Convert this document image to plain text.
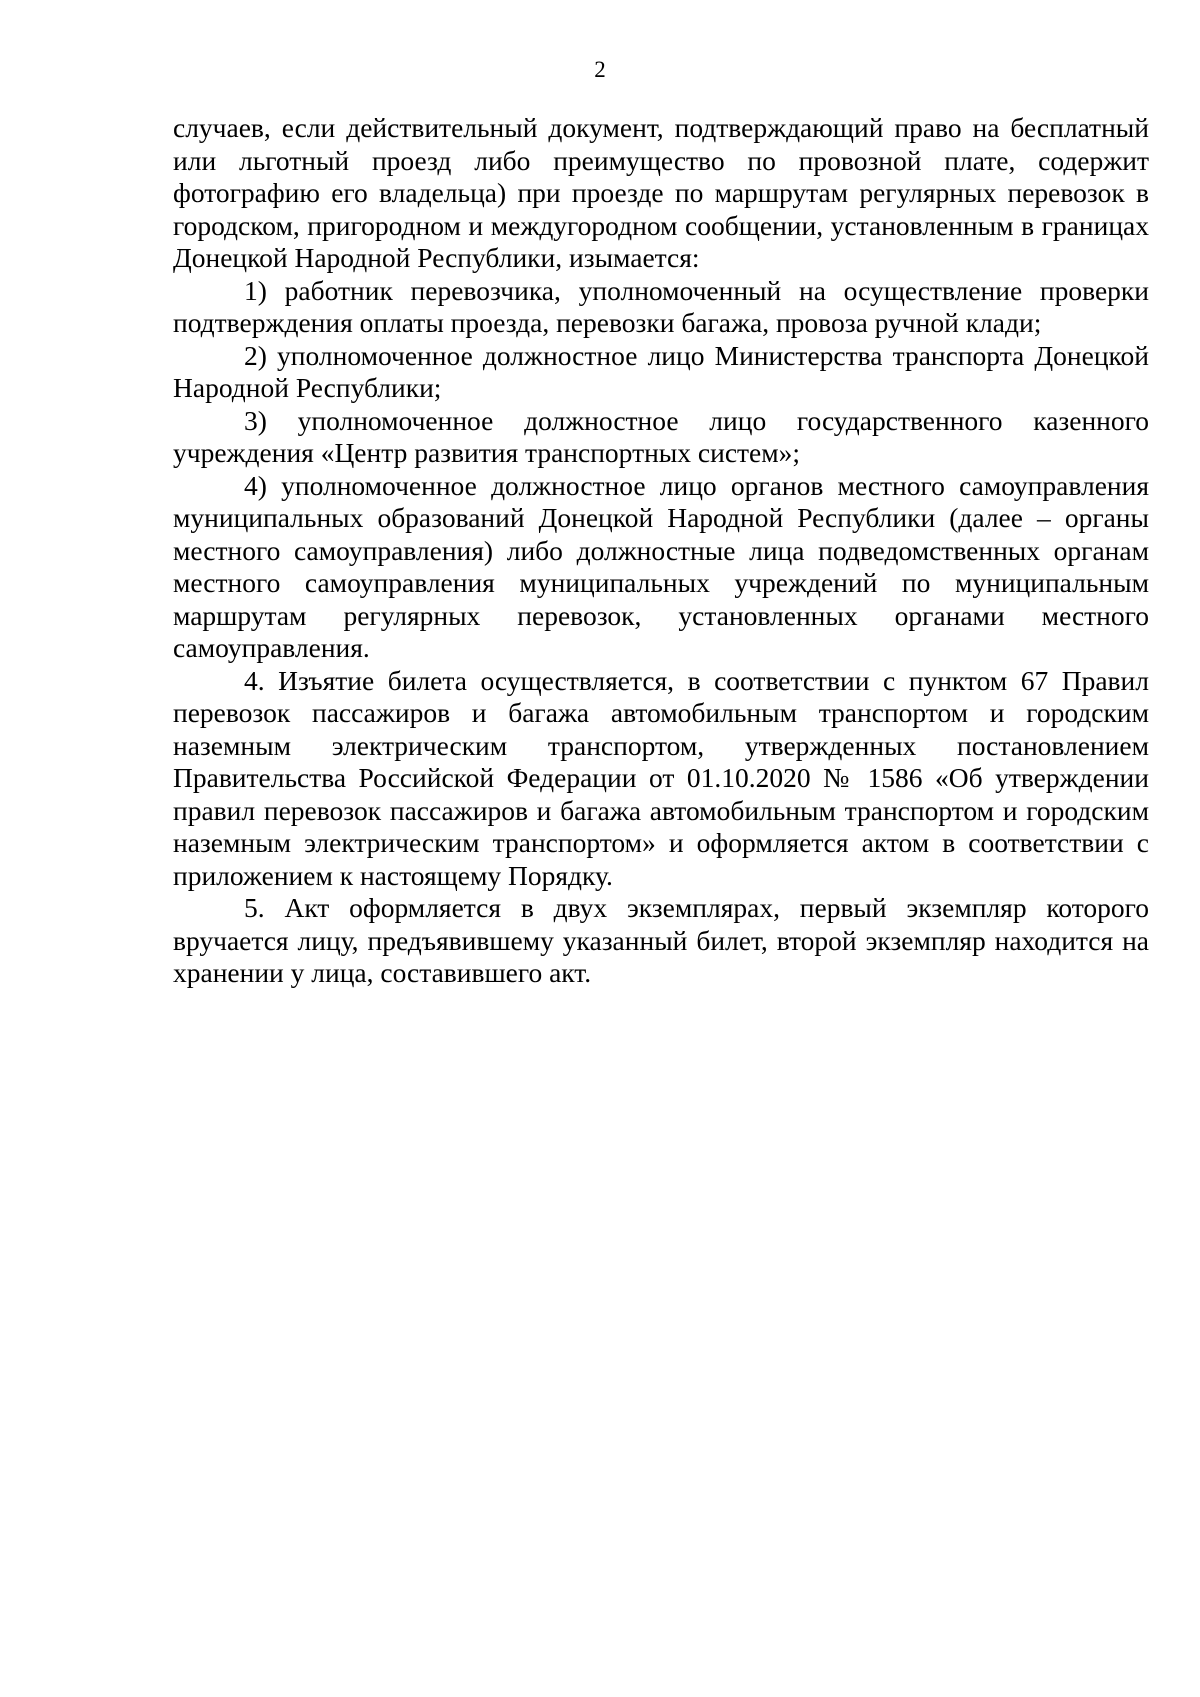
2

случаев, если действительный документ, подтверждающий право на бесплатный или льготный проезд либо преимущество по провозной плате, содержит фотографию его владельца) при проезде по маршрутам регулярных перевозок в городском, пригородном и междугородном сообщении, установленным в границах Донецкой Народной Республики, изымается:

1) работник перевозчика, уполномоченный на осуществление проверки подтверждения оплаты проезда, перевозки багажа, провоза ручной клади;

2) уполномоченное должностное лицо Министерства транспорта Донецкой Народной Республики;

3) уполномоченное должностное лицо государственного казенного учреждения «Центр развития транспортных систем»;

4) уполномоченное должностное лицо органов местного самоуправления муниципальных образований Донецкой Народной Республики (далее – органы местного самоуправления) либо должностные лица подведомственных органам местного самоуправления муниципальных учреждений по муниципальным маршрутам регулярных перевозок, установленных органами местного самоуправления.

4. Изъятие билета осуществляется, в соответствии с пунктом 67 Правил перевозок пассажиров и багажа автомобильным транспортом и городским наземным электрическим транспортом, утвержденных постановлением Правительства Российской Федерации от 01.10.2020 № 1586 «Об утверждении правил перевозок пассажиров и багажа автомобильным транспортом и городским наземным электрическим транспортом» и оформляется актом в соответствии с приложением к настоящему Порядку.

5. Акт оформляется в двух экземплярах, первый экземпляр которого вручается лицу, предъявившему указанный билет, второй экземпляр находится на хранении у лица, составившего акт.
